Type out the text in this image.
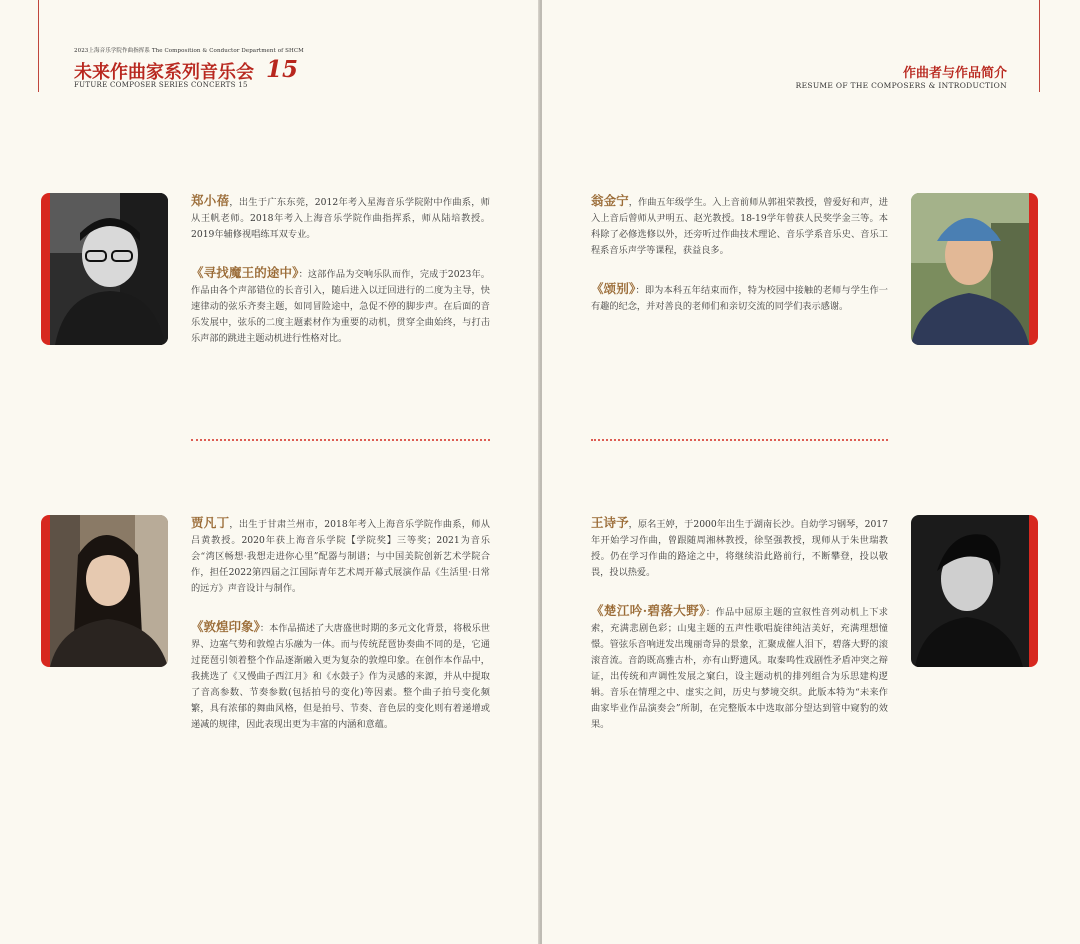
2023上海音乐学院作曲指挥系 The Composition & Conductor Department of SHCM
未来作曲家系列音乐会 15
FUTURE COMPOSER SERIES CONCERTS 15

郑小蓓，出生于广东东莞，2012年考入星海音乐学院附中作曲系，师从王帆老师。2018年考入上海音乐学院作曲指挥系，师从陆培教授。2019年辅修视唱练耳双专业。

《寻找魔王的途中》：这部作品为交响乐队而作，完成于2023年。作品由各个声部错位的长音引入，随后进入以迂回进行的二度为主导，快速律动的弦乐齐奏主题，如同冒险途中，急促不停的脚步声。在后面的音乐发展中，弦乐的二度主题素材作为重要的动机，贯穿全曲始终，与打击乐声部的跳进主题动机进行性格对比。

贾凡丁，出生于甘肃兰州市，2018年考入上海音乐学院作曲系，师从吕黄教授。2020年获上海音乐学院【学院奖】三等奖；2021为音乐会“湾区畅想·我想走进你心里”配器与制谱；与中国美院创新艺术学院合作，担任2022第四届之江国际青年艺术周开幕式展演作品《生活里·日常的远方》声音设计与制作。

《敦煌印象》：本作品描述了大唐盛世时期的多元文化背景，将极乐世界、边塞气势和敦煌古乐融为一体。而与传统琵琶协奏曲不同的是，它通过琵琶引领着整个作品逐渐融入更为复杂的敦煌印象。在创作本作品中，我挑选了《又慢曲子西江月》和《水鼓子》作为灵感的来源，并从中提取了音高参数、节奏参数(包括拍号的变化)等因素。整个曲子拍号变化频繁，具有浓郁的舞曲风格，但是拍号、节奏、音色层的变化则有着递增或递减的规律，因此表现出更为丰富的内涵和意蕴。

作曲者与作品简介
RESUME OF THE COMPOSERS & INTRODUCTION

翁金宁，作曲五年级学生。入上音前师从郭祖荣教授，曾爱好和声，进入上音后曾师从尹明五、赵光教授。18-19学年曾获人民奖学金三等。本科除了必修选修以外，还旁听过作曲技术理论、音乐学系音乐史、音乐工程系音乐声学等课程，获益良多。

《颂别》：即为本科五年结束而作，特为校园中接触的老师与学生作一有趣的纪念，并对善良的老师们和亲切交流的同学们表示感谢。

王诗予，原名王婷，于2000年出生于湖南长沙。自幼学习钢琴，2017年开始学习作曲，曾跟随周湘林教授，徐坚强教授，现师从于朱世瑞教授。仍在学习作曲的路途之中，将继续沿此路前行，不断攀登，投以敬畏，投以热爱。

《楚江吟·碧落大野》：作品中屈原主题的宣叙性音列动机上下求索，充满悲剧色彩；山鬼主题的五声性歌唱旋律纯洁美好，充满理想憧憬。管弦乐音响迸发出瑰丽奇异的景象，汇聚成催人泪下，碧落大野的滚滚音流。音韵既高雅古朴，亦有山野遗风。取秦鸣性戏剧性矛盾冲突之辩证，出传统和声调性发展之窠臼，设主题动机的排列组合为乐思建构逻辑。音乐在情理之中、虚实之间，历史与梦境交织。此版本特为“未来作曲家毕业作品演奏会”所制，在完整版本中选取部分望达到管中窥豹的效果。
